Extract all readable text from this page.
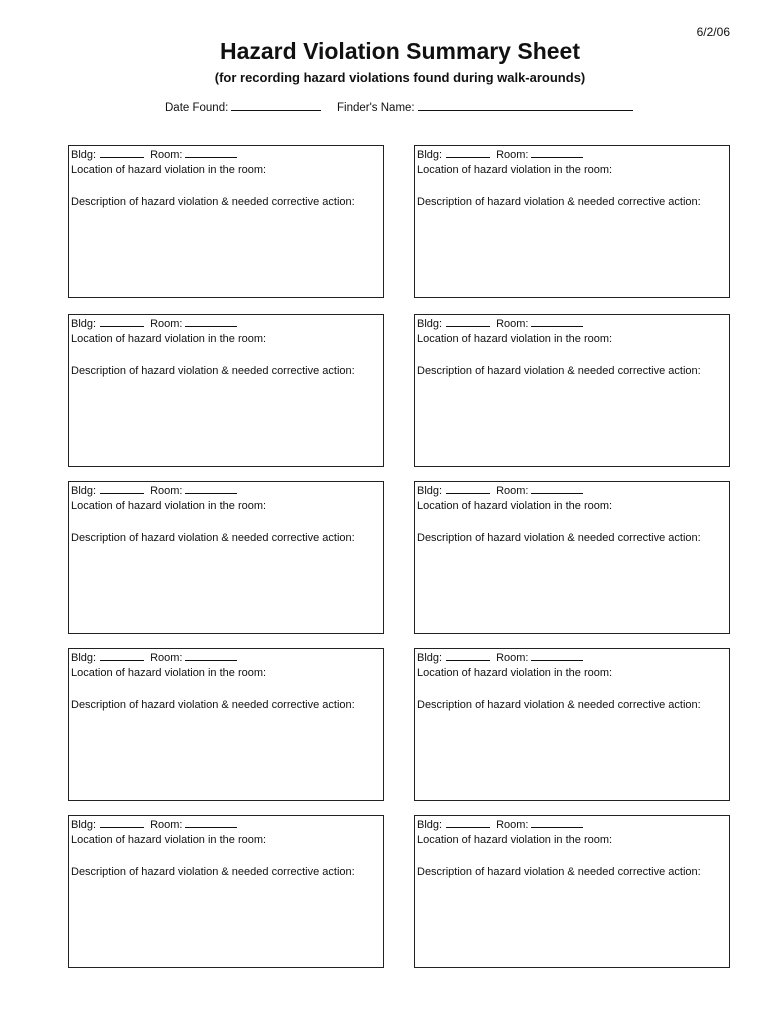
6/2/06
Hazard Violation Summary Sheet
(for recording hazard violations found during walk-arounds)
Date Found:	Finder's Name:
Bldg:	Room:
Location of hazard violation in the room:
Description of hazard violation & needed corrective action:
Bldg:	Room:
Location of hazard violation in the room:
Description of hazard violation & needed corrective action:
Bldg:	Room:
Location of hazard violation in the room:
Description of hazard violation & needed corrective action:
Bldg:	Room:
Location of hazard violation in the room:
Description of hazard violation & needed corrective action:
Bldg:	Room:
Location of hazard violation in the room:
Description of hazard violation & needed corrective action:
Bldg:	Room:
Location of hazard violation in the room:
Description of hazard violation & needed corrective action:
Bldg:	Room:
Location of hazard violation in the room:
Description of hazard violation & needed corrective action:
Bldg:	Room:
Location of hazard violation in the room:
Description of hazard violation & needed corrective action:
Bldg:	Room:
Location of hazard violation in the room:
Description of hazard violation & needed corrective action:
Bldg:	Room:
Location of hazard violation in the room:
Description of hazard violation & needed corrective action:
